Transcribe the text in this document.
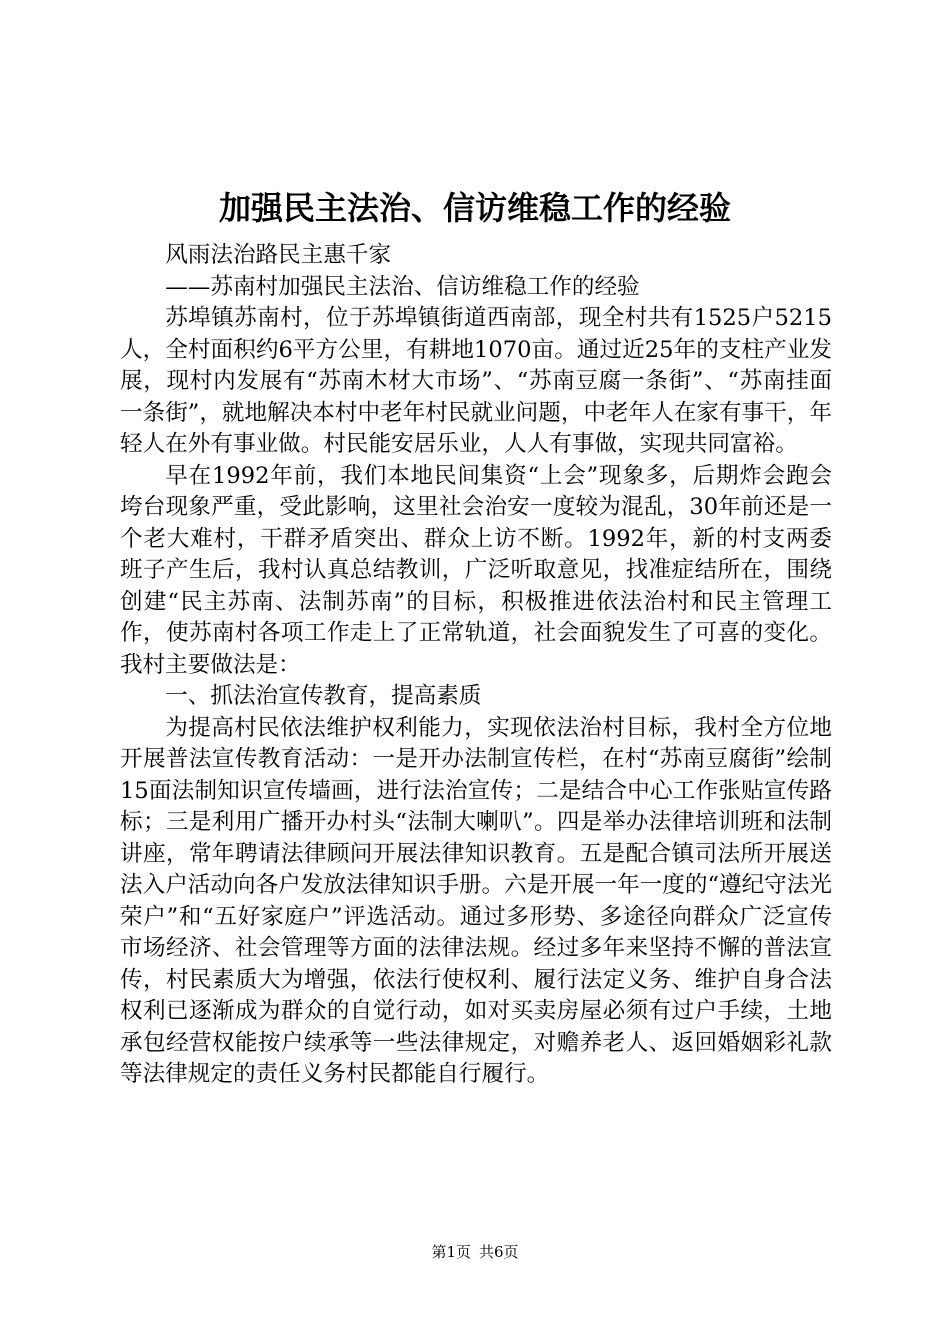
加强民主法治、信访维稳工作的经验

风雨法治路民主惠千家

——苏南村加强民主法治、信访维稳工作的经验

苏埠镇苏南村，位于苏埠镇街道西南部，现全村共有1525户5215人，全村面积约6平方公里，有耕地1070亩。通过近25年的支柱产业发展，现村内发展有“苏南木材大市场”、“苏南豆腐一条街”、“苏南挂面一条街”，就地解决本村中老年村民就业问题，中老年人在家有事干，年轻人在外有事业做。村民能安居乐业，人人有事做，实现共同富裕。

早在1992年前，我们本地民间集资“上会”现象多，后期炸会跑会垮台现象严重，受此影响，这里社会治安一度较为混乱，30年前还是一个老大难村，干群矛盾突出、群众上访不断。1992年，新的村支两委班子产生后，我村认真总结教训，广泛听取意见，找准症结所在，围绕创建“民主苏南、法制苏南”的目标，积极推进依法治村和民主管理工作，使苏南村各项工作走上了正常轨道，社会面貌发生了可喜的变化。我村主要做法是：

一、抓法治宣传教育，提高素质

为提高村民依法维护权利能力，实现依法治村目标，我村全方位地开展普法宣传教育活动：一是开办法制宣传栏，在村“苏南豆腐街”绘制15面法制知识宣传墙画，进行法治宣传；二是结合中心工作张贴宣传路标；三是利用广播开办村头“法制大喇叭”。四是举办法律培训班和法制讲座，常年聘请法律顾问开展法律知识教育。五是配合镇司法所开展送法入户活动向各户发放法律知识手册。六是开展一年一度的“遵纪守法光荣户”和“五好家庭户”评选活动。通过多形势、多途径向群众广泛宣传市场经济、社会管理等方面的法律法规。经过多年来坚持不懈的普法宣传，村民素质大为增强，依法行使权利、履行法定义务、维护自身合法权利已逐渐成为群众的自觉行动，如对买卖房屋必须有过户手续，土地承包经营权能按户续承等一些法律规定，对赡养老人、返回婚姻彩礼款等法律规定的责任义务村民都能自行履行。

第1页 共6页
